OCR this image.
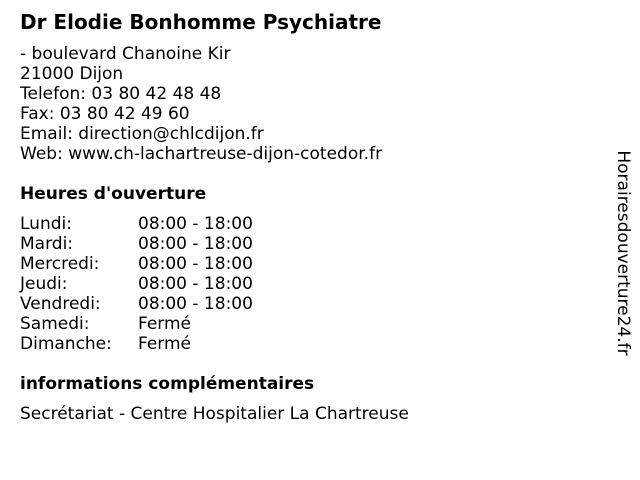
Dr Elodie Bonhomme Psychiatre
- boulevard Chanoine Kir
21000 Dijon
Telefon: 03 80 42 48 48
Fax: 03 80 42 49 60
Email: direction@chlcdijon.fr
Web: www.ch-lachartreuse-dijon-cotedor.fr
Heures d'ouverture
Lundi:	08:00 - 18:00
Mardi:	08:00 - 18:00
Mercredi:	08:00 - 18:00
Jeudi:	08:00 - 18:00
Vendredi:	08:00 - 18:00
Samedi:	Fermé
Dimanche:	Fermé
informations complémentaires
Secrétariat - Centre Hospitalier La Chartreuse
Horairesdouverture24.fr
